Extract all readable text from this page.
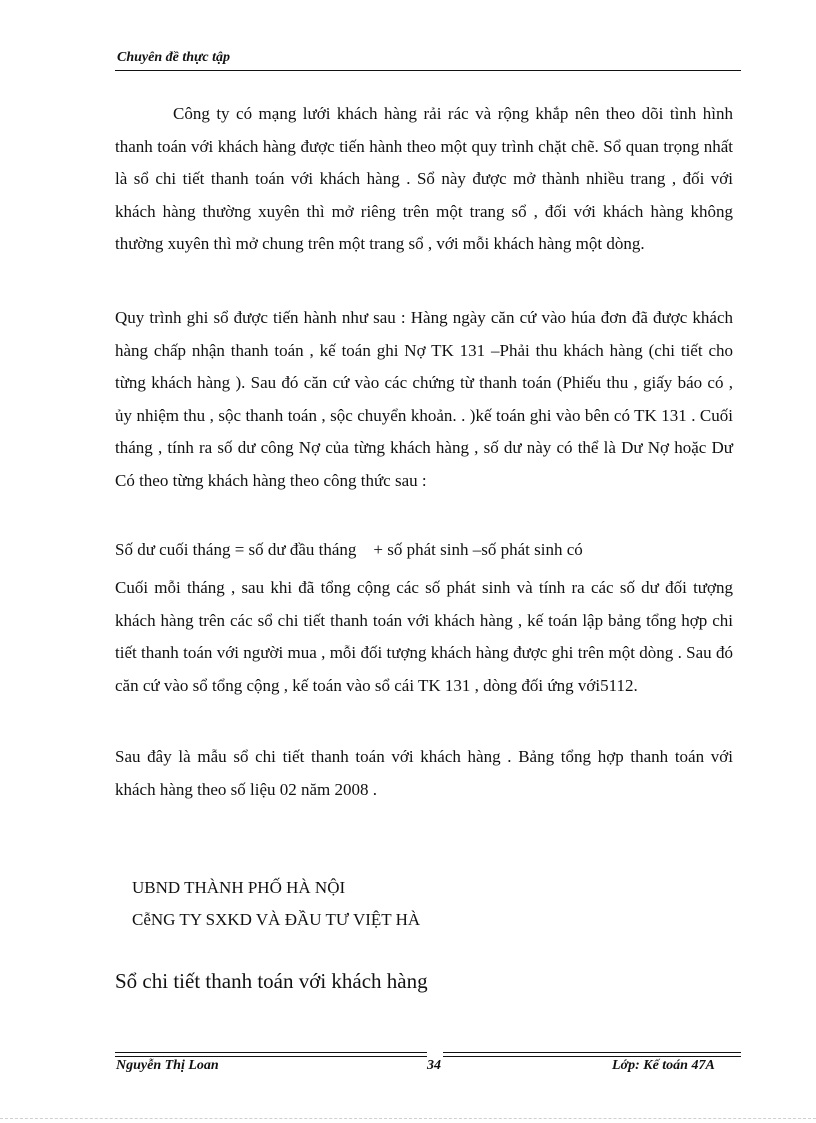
Chuyên đề thực tập

Công ty có mạng lưới khách hàng rải rác và rộng khắp nên theo dõi tình hình thanh toán với khách hàng được tiến hành theo một quy trình chặt chẽ. Sổ quan trọng nhất là sổ chi tiết thanh toán với khách hàng . Sổ này được mở thành nhiều trang , đối với khách hàng thường xuyên thì mở riêng trên một trang sổ , đối với khách hàng không thường xuyên thì mở chung trên một trang sổ , với mỗi khách hàng một dòng.

Quy trình ghi sổ được tiến hành như sau : Hàng ngày căn cứ vào húa đơn đã được khách hàng chấp nhận thanh toán , kế toán ghi Nợ TK 131 –Phải thu khách hàng (chi tiết cho từng khách hàng ). Sau đó căn cứ vào các chứng từ thanh toán (Phiếu thu , giấy báo có , ủy nhiệm thu , sộc thanh toán , sộc chuyển khoản. . )kế toán ghi vào bên có TK 131 . Cuối tháng , tính ra số dư công Nợ của từng khách hàng , số dư này có thể là Dư Nợ hoặc Dư Có theo từng khách hàng theo công thức sau :

Số dư cuối tháng = số dư đầu tháng    + số phát sinh –số phát sinh có

Cuối mỗi tháng , sau khi đã tổng cộng các số phát sinh và tính ra các số dư đối tượng khách hàng trên các sổ chi tiết thanh toán với khách hàng , kế toán lập bảng tổng hợp chi tiết thanh toán với người mua , mỗi đối tượng khách hàng được ghi trên một dòng . Sau đó căn cứ vào sổ tổng cộng , kế toán vào sổ cái TK 131 , dòng đối ứng với5112.

Sau đây là mẫu sổ chi tiết thanh toán với khách hàng . Bảng tổng hợp thanh toán với khách hàng theo số liệu 02 năm 2008 .

UBND THÀNH PHỐ HÀ NỘI
CễNG TY SXKD VÀ ĐẦU TƯ VIỆT HÀ
Sổ chi tiết thanh toán với khách hàng
Nguyễn Thị Loan	34	Lớp: Kế toán 47A
